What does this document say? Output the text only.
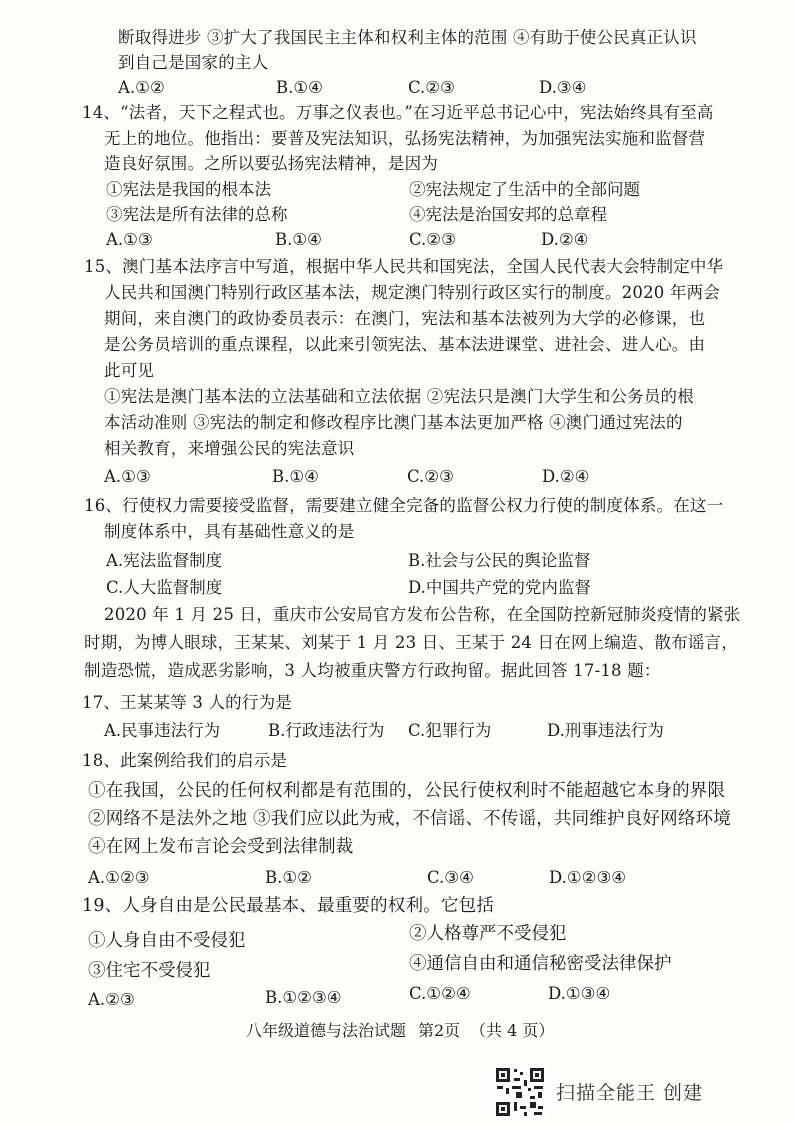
断取得进步 ③扩大了我国民主主体和权利主体的范围 ④有助于使公民真正认识
到自己是国家的主人
A.①②	B.①④	C.②③	D.③④
14、“法者，天下之程式也。万事之仪表也。”在习近平总书记心中，宪法始终具有至高
无上的地位。他指出：要普及宪法知识，弘扬宪法精神，为加强宪法实施和监督营
造良好氛围。之所以要弘扬宪法精神，是因为
①宪法是我国的根本法	②宪法规定了生活中的全部问题
③宪法是所有法律的总称	④宪法是治国安邦的总章程
A.①③	B.①④	C.②③	D.②④
15、澳门基本法序言中写道，根据中华人民共和国宪法，全国人民代表大会特制定中华
人民共和国澳门特别行政区基本法，规定澳门特别行政区实行的制度。2020 年两会
期间，来自澳门的政协委员表示：在澳门，宪法和基本法被列为大学的必修课，也
是公务员培训的重点课程，以此来引领宪法、基本法进课堂、进社会、进人心。由
此可见
①宪法是澳门基本法的立法基础和立法依据 ②宪法只是澳门大学生和公务员的根
本活动准则 ③宪法的制定和修改程序比澳门基本法更加严格 ④澳门通过宪法的
相关教育，来增强公民的宪法意识
A.①③	B.①④	C.②③	D.②④
16、行使权力需要接受监督，需要建立健全完备的监督公权力行使的制度体系。在这一
制度体系中，具有基础性意义的是
A.宪法监督制度	B.社会与公民的舆论监督
C.人大监督制度	D.中国共产党的党内监督
2020 年 1 月 25 日，重庆市公安局官方发布公告称，在全国防控新冠肺炎疫情的紧张
时期，为博人眼球，王某某、刘某于 1 月 23 日、王某于 24 日在网上编造、散布谣言，
制造恐慌，造成恶劣影响，3 人均被重庆警方行政拘留。据此回答 17-18 题：
17、王某某等 3 人的行为是
A.民事违法行为	B.行政违法行为 C.犯罪行为	D.刑事违法行为
18、此案例给我们的启示是
①在我国，公民的任何权利都是有范围的，公民行使权利时不能超越它本身的界限
②网络不是法外之地 ③我们应以此为戒，不信谣、不传谣，共同维护良好网络环境
④在网上发布言论会受到法律制裁
A.①②③	B.①②	C.③④	D.①②③④
19、人身自由是公民最基本、最重要的权利。它包括
①人身自由不受侵犯	②人格尊严不受侵犯
③住宅不受侵犯	④通信自由和通信秘密受法律保护
A.②③	B.①②③④	C.①②④	D.①③④
八年级道德与法治试题 第2页 （共 4 页）
扫描全能王 创建
